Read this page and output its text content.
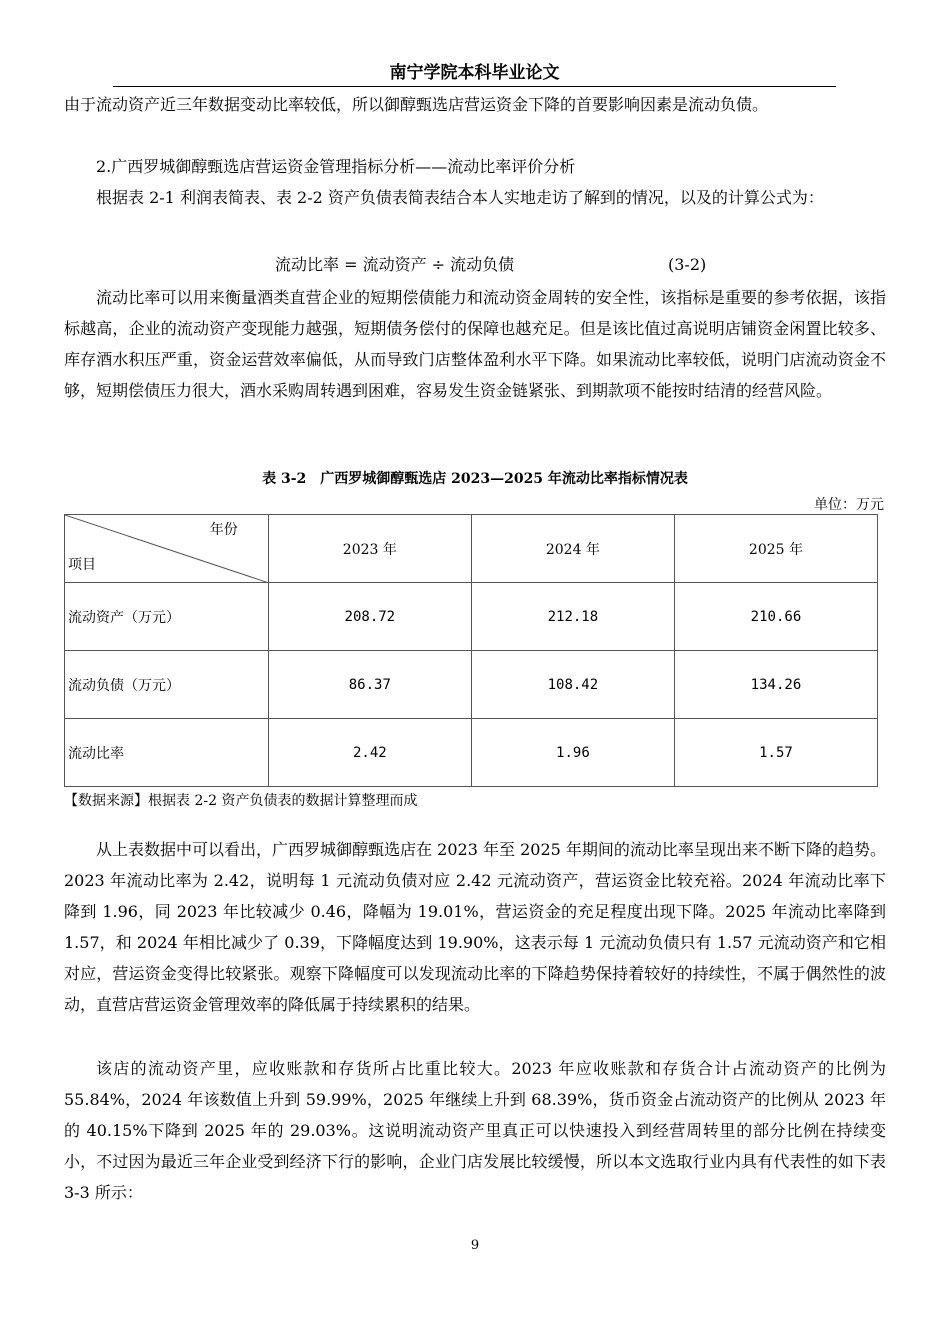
南宁学院本科毕业论文

由于流动资产近三年数据变动比率较低，所以御醇甄选店营运资金下降的首要影响因素是流动负债。

2.广西罗城御醇甄选店营运资金管理指标分析——流动比率评价分析

根据表 2-1 利润表简表、表 2-2 资产负债表简表结合本人实地走访了解到的情况，以及的计算公式为：

流动比率 = 流动资产 ÷ 流动负债	(3-2)

流动比率可以用来衡量酒类直营企业的短期偿债能力和流动资金周转的安全性，该指标是重要的参考依据，该指标越高，企业的流动资产变现能力越强，短期债务偿付的保障也越充足。但是该比值过高说明店铺资金闲置比较多、库存酒水积压严重，资金运营效率偏低，从而导致门店整体盈利水平下降。如果流动比率较低，说明门店流动资金不够，短期偿债压力很大，酒水采购周转遇到困难，容易发生资金链紧张、到期款项不能按时结清的经营风险。

表 3-2　广西罗城御醇甄选店 2023—2025 年流动比率指标情况表
单位：万元
年份
项目	2023 年	2024 年	2025 年
流动资产（万元）	208.72	212.18	210.66
流动负债（万元）	86.37	108.42	134.26
流动比率	2.42	1.96	1.57
【数据来源】根据表 2-2 资产负债表的数据计算整理而成

从上表数据中可以看出，广西罗城御醇甄选店在 2023 年至 2025 年期间的流动比率呈现出来不断下降的趋势。2023 年流动比率为 2.42，说明每 1 元流动负债对应 2.42 元流动资产，营运资金比较充裕。2024 年流动比率下降到 1.96，同 2023 年比较减少 0.46，降幅为 19.01%，营运资金的充足程度出现下降。2025 年流动比率降到 1.57，和 2024 年相比减少了 0.39，下降幅度达到 19.90%，这表示每 1 元流动负债只有 1.57 元流动资产和它相对应，营运资金变得比较紧张。观察下降幅度可以发现流动比率的下降趋势保持着较好的持续性，不属于偶然性的波动，直营店营运资金管理效率的降低属于持续累积的结果。

该店的流动资产里，应收账款和存货所占比重比较大。2023 年应收账款和存货合计占流动资产的比例为 55.84%，2024 年该数值上升到 59.99%，2025 年继续上升到 68.39%，货币资金占流动资产的比例从 2023 年的 40.15%下降到 2025 年的 29.03%。这说明流动资产里真正可以快速投入到经营周转里的部分比例在持续变小，不过因为最近三年企业受到经济下行的影响，企业门店发展比较缓慢，所以本文选取行业内具有代表性的如下表 3-3 所示：

9
